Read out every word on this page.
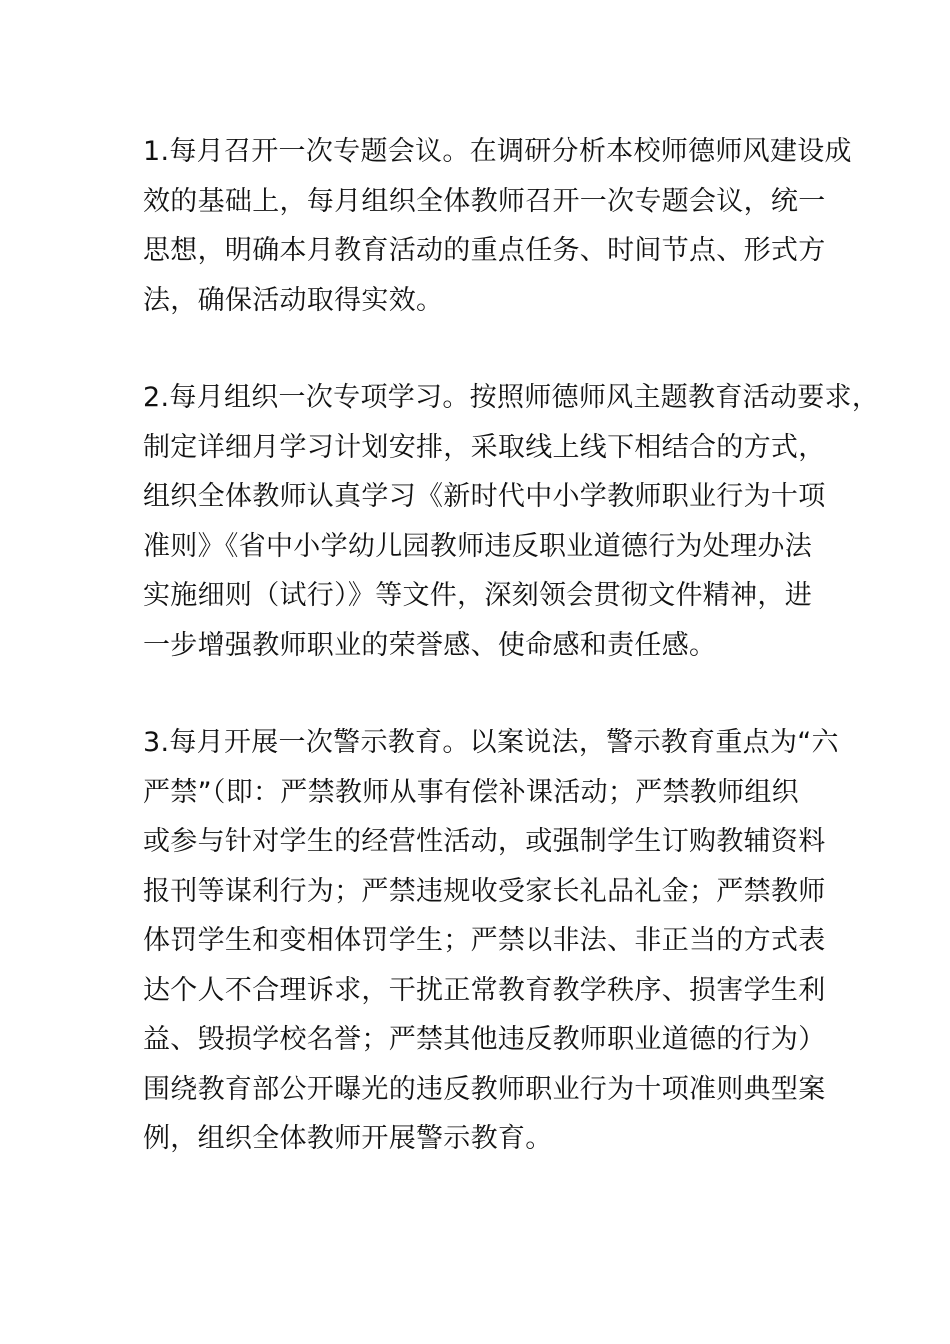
1.每月召开一次专题会议。在调研分析本校师德师风建设成
效的基础上，每月组织全体教师召开一次专题会议，统一
思想，明确本月教育活动的重点任务、时间节点、形式方
法，确保活动取得实效。

2.每月组织一次专项学习。按照师德师风主题教育活动要求，
制定详细月学习计划安排，采取线上线下相结合的方式，
组织全体教师认真学习《新时代中小学教师职业行为十项
准则》《省中小学幼儿园教师违反职业道德行为处理办法
实施细则（试行）》等文件，深刻领会贯彻文件精神，进
一步增强教师职业的荣誉感、使命感和责任感。

3.每月开展一次警示教育。以案说法，警示教育重点为“六
严禁”（即：严禁教师从事有偿补课活动；严禁教师组织
或参与针对学生的经营性活动，或强制学生订购教辅资料
报刊等谋利行为；严禁违规收受家长礼品礼金；严禁教师
体罚学生和变相体罚学生；严禁以非法、非正当的方式表
达个人不合理诉求，干扰正常教育教学秩序、损害学生利
益、毁损学校名誉；严禁其他违反教师职业道德的行为）
围绕教育部公开曝光的违反教师职业行为十项准则典型案
例，组织全体教师开展警示教育。
